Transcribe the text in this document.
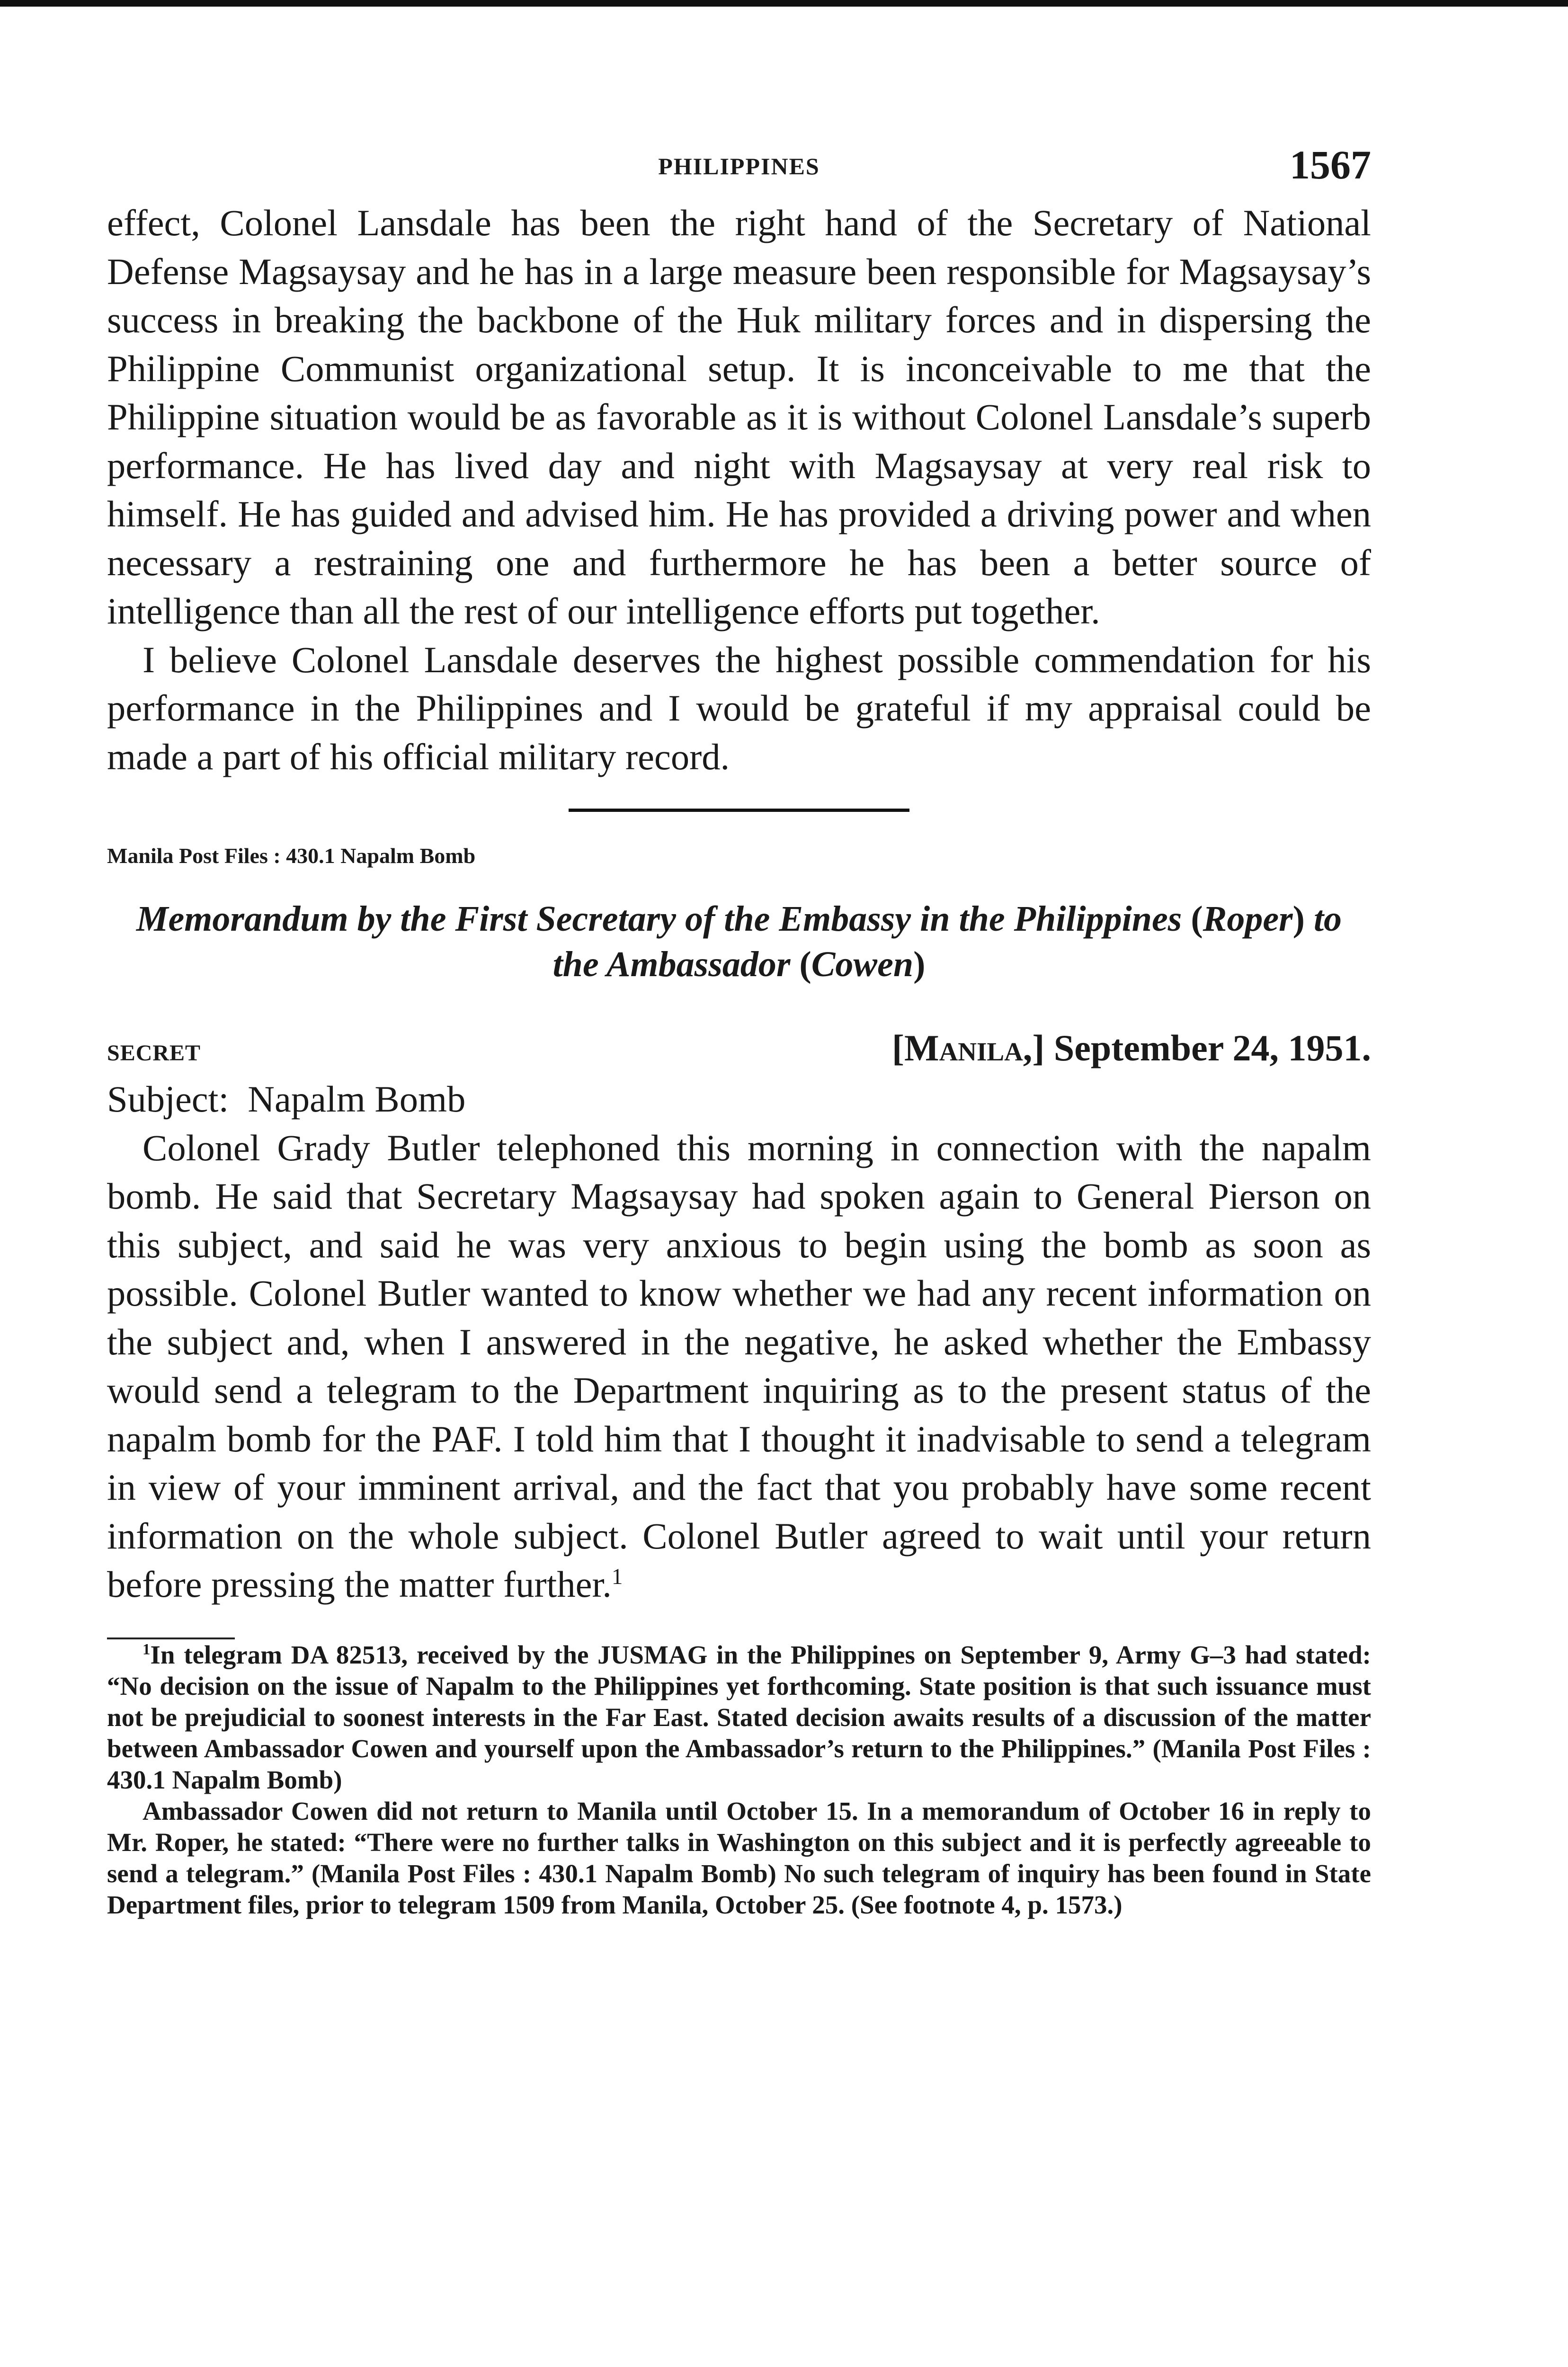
PHILIPPINES	1567

effect, Colonel Lansdale has been the right hand of the Secretary of National Defense Magsaysay and he has in a large measure been responsible for Magsaysay’s success in breaking the backbone of the Huk military forces and in dispersing the Philippine Communist organizational setup. It is inconceivable to me that the Philippine situation would be as favorable as it is without Colonel Lansdale’s superb performance. He has lived day and night with Magsaysay at very real risk to himself. He has guided and advised him. He has provided a driving power and when necessary a restraining one and furthermore he has been a better source of intelligence than all the rest of our intelligence efforts put together.

I believe Colonel Lansdale deserves the highest possible commendation for his performance in the Philippines and I would be grateful if my appraisal could be made a part of his official military record.

Manila Post Files : 430.1 Napalm Bomb
Memorandum by the First Secretary of the Embassy in the Philippines (Roper) to the Ambassador (Cowen)
SECRET	[Manila,] September 24, 1951.

Subject: Napalm Bomb

Colonel Grady Butler telephoned this morning in connection with the napalm bomb. He said that Secretary Magsaysay had spoken again to General Pierson on this subject, and said he was very anxious to begin using the bomb as soon as possible. Colonel Butler wanted to know whether we had any recent information on the subject and, when I answered in the negative, he asked whether the Embassy would send a telegram to the Department inquiring as to the present status of the napalm bomb for the PAF. I told him that I thought it inadvisable to send a telegram in view of your imminent arrival, and the fact that you probably have some recent information on the whole subject. Colonel Butler agreed to wait until your return before pressing the matter further.$^1$

$^1$In telegram DA 82513, received by the JUSMAG in the Philippines on September 9, Army G–3 had stated: “No decision on the issue of Napalm to the Philippines yet forthcoming. State position is that such issuance must not be prejudicial to soonest interests in the Far East. Stated decision awaits results of a discussion of the matter between Ambassador Cowen and yourself upon the Ambassador’s return to the Philippines.” (Manila Post Files : 430.1 Napalm Bomb)

Ambassador Cowen did not return to Manila until October 15. In a memorandum of October 16 in reply to Mr. Roper, he stated: “There were no further talks in Washington on this subject and it is perfectly agreeable to send a telegram.” (Manila Post Files : 430.1 Napalm Bomb) No such telegram of inquiry has been found in State Department files, prior to telegram 1509 from Manila, October 25. (See footnote 4, p. 1573.)
